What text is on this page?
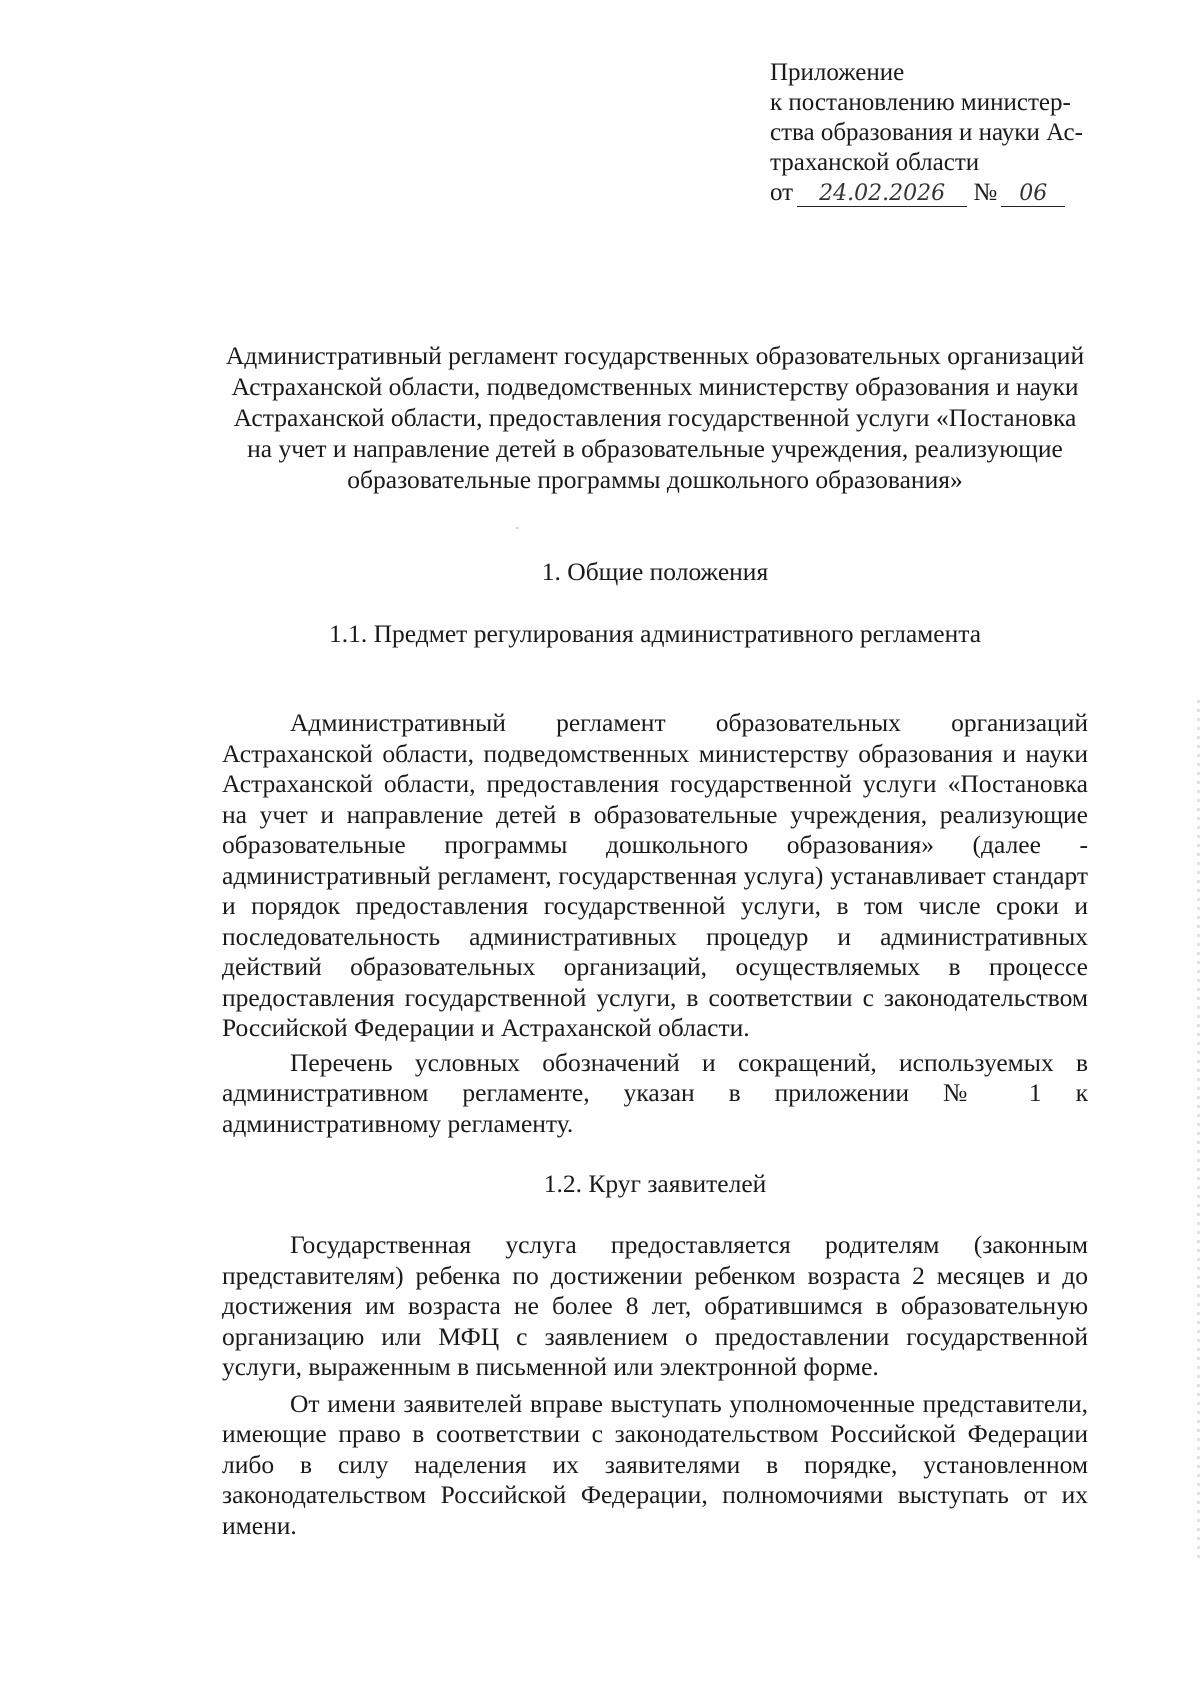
Приложение
к постановлению министер-
ства образования и науки Ас-
траханской области
от 24.02.2026 № 06
Административный регламент государственных образовательных организаций Астраханской области, подведомственных министерству образования и науки Астраханской области, предоставления государственной услуги «Постановка на учет и направление детей в образовательные учреждения, реализующие образовательные программы дошкольного образования»
1. Общие положения
1.1. Предмет регулирования административного регламента

Административный регламент образовательных организаций Астраханской области, подведомственных министерству образования и науки Астраханской области, предоставления государственной услуги «Постановка на учет и направление детей в образовательные учреждения, реализующие образовательные программы дошкольного образования» (далее - административный регламент, государственная услуга) устанавливает стандарт и порядок предоставления государственной услуги, в том числе сроки и последовательность административных процедур и административных действий образовательных организаций, осуществляемых в процессе предоставления государственной услуги, в соответствии с законодательством Российской Федерации и Астраханской области.

Перечень условных обозначений и сокращений, используемых в административном регламенте, указан в приложении № 1 к административному регламенту.

1.2. Круг заявителей

Государственная услуга предоставляется родителям (законным представителям) ребенка по достижении ребенком возраста 2 месяцев и до достижения им возраста не более 8 лет, обратившимся в образовательную организацию или МФЦ с заявлением о предоставлении государственной услуги, выраженным в письменной или электронной форме.

От имени заявителей вправе выступать уполномоченные представители, имеющие право в соответствии с законодательством Российской Федерации либо в силу наделения их заявителями в порядке, установленном законодательством Российской Федерации, полномочиями выступать от их имени.
